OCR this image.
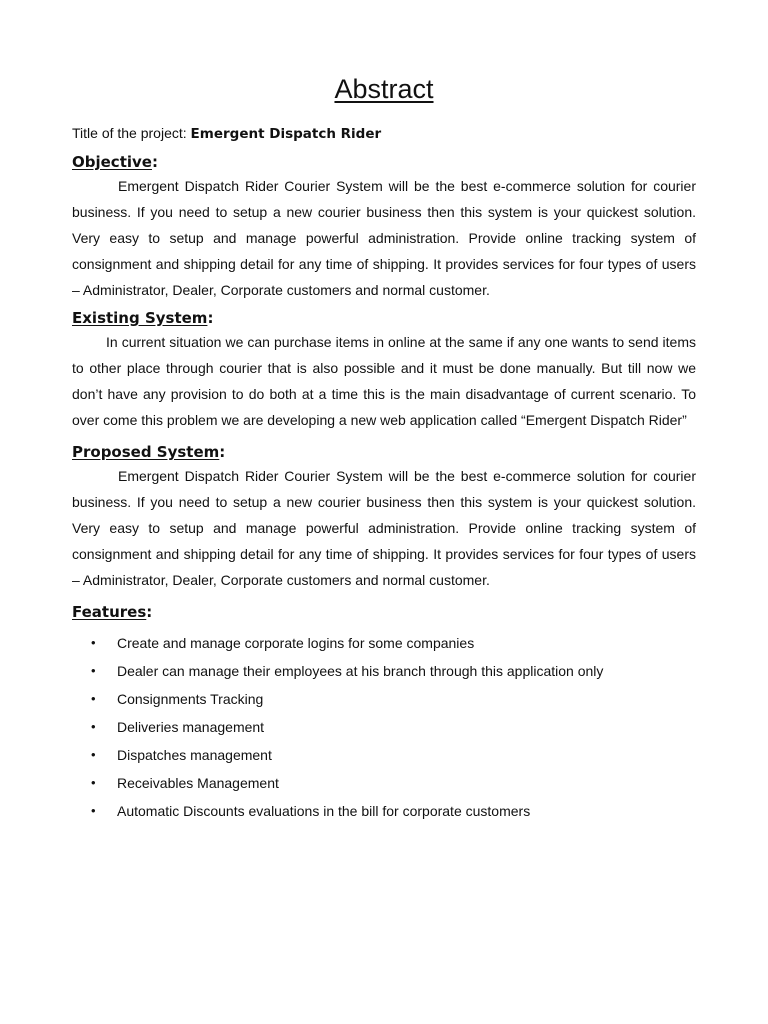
Abstract

Title of the project: Emergent Dispatch Rider

Objective:

Emergent Dispatch Rider Courier System will be the best e-commerce solution for courier business. If you need to setup a new courier business then this system is your quickest solution. Very easy to setup and manage powerful administration. Provide online tracking system of consignment and shipping detail for any time of shipping. It provides services for four types of users – Administrator, Dealer, Corporate customers and normal customer.

Existing System:

In current situation we can purchase items in online at the same if any one wants to send items to other place through courier that is also possible and it must be done manually. But till now we don’t have any provision to do both at a time this is the main disadvantage of current scenario. To over come this problem we are developing a new web application called “Emergent Dispatch Rider”

Proposed System:

Emergent Dispatch Rider Courier System will be the best e-commerce solution for courier business. If you need to setup a new courier business then this system is your quickest solution. Very easy to setup and manage powerful administration. Provide online tracking system of consignment and shipping detail for any time of shipping. It provides services for four types of users – Administrator, Dealer, Corporate customers and normal customer.

Features:
• Create and manage corporate logins for some companies
• Dealer can manage their employees at his branch through this application only
• Consignments Tracking
• Deliveries management
• Dispatches management
• Receivables Management
• Automatic Discounts evaluations in the bill for corporate customers
